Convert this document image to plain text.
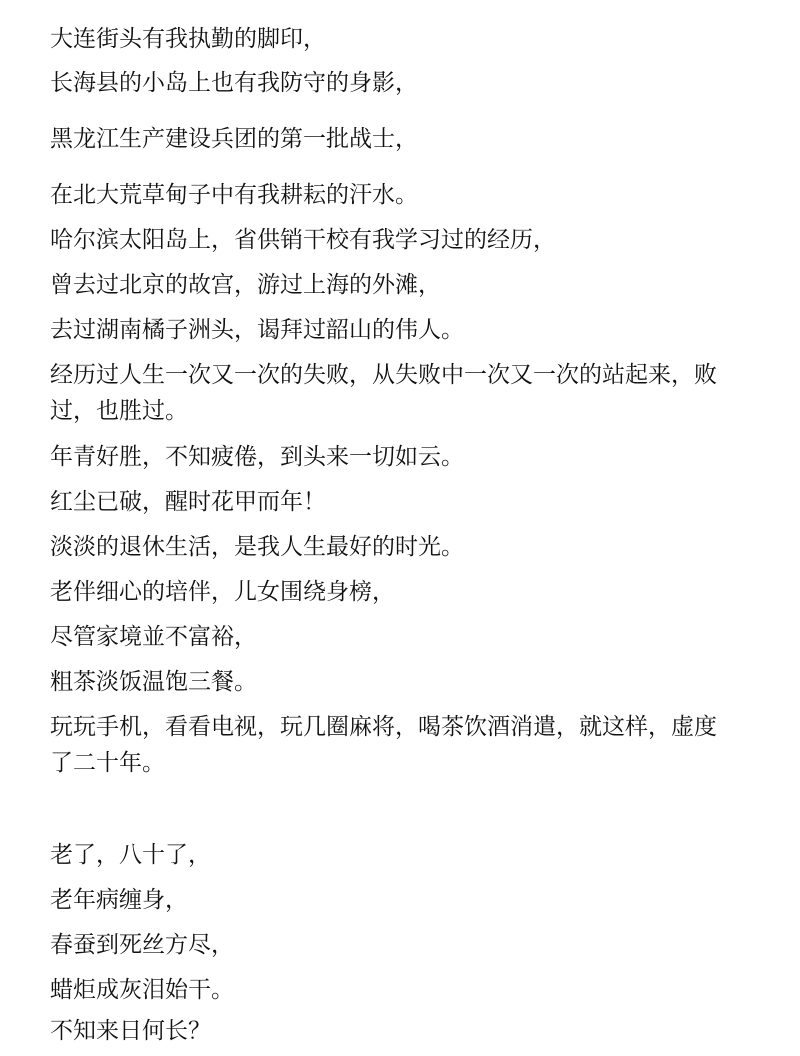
大连街头有我执勤的脚印，
长海县的小岛上也有我防守的身影，
黑龙江生产建设兵团的第一批战士，
在北大荒草甸子中有我耕耘的汗水。
哈尔滨太阳岛上，省供销干校有我学习过的经历，
曾去过北京的故宫，游过上海的外滩，
去过湖南橘子洲头，谒拜过韶山的伟人。
经历过人生一次又一次的失败，从失败中一次又一次的站起来，败
过，也胜过。
年青好胜，不知疲倦，到头来一切如云。
红尘已破，醒时花甲而年！
淡淡的退休生活，是我人生最好的时光。
老伴细心的培伴，儿女围绕身榜，
尽管家境並不富裕，
粗茶淡饭温饱三餐。
玩玩手机，看看电视，玩几圈麻将，喝茶饮酒消遣，就这样，虚度
了二十年。
老了，八十了，
老年病缠身，
春蚕到死丝方尽，
蜡炬成灰泪始干。
不知来日何长？
